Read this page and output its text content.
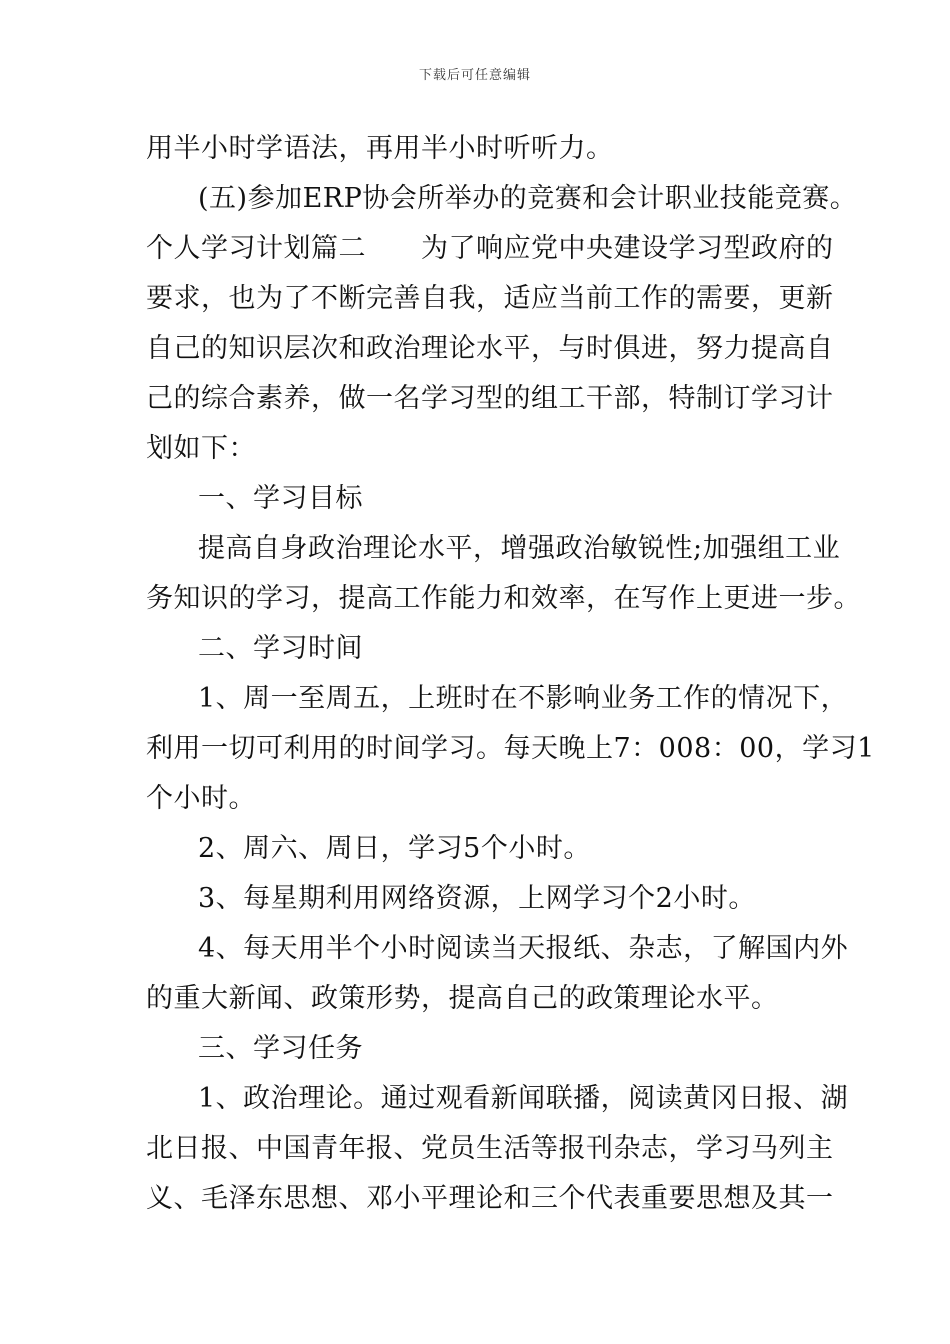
下载后可任意编辑
用半小时学语法，再用半小时听听力。
(五)参加ERP协会所举办的竞赛和会计职业技能竞赛。
个人学习计划篇二　　为了响应党中央建设学习型政府的
要求，也为了不断完善自我，适应当前工作的需要，更新
自己的知识层次和政治理论水平，与时俱进，努力提高自
己的综合素养，做一名学习型的组工干部，特制订学习计
划如下：
一、学习目标
提高自身政治理论水平，增强政治敏锐性;加强组工业
务知识的学习，提高工作能力和效率，在写作上更进一步。
二、学习时间
1、周一至周五，上班时在不影响业务工作的情况下，
利用一切可利用的时间学习。每天晚上7：008：00，学习1
个小时。
2、周六、周日，学习5个小时。
3、每星期利用网络资源，上网学习个2小时。
4、每天用半个小时阅读当天报纸、杂志，了解国内外
的重大新闻、政策形势，提高自己的政策理论水平。
三、学习任务
1、政治理论。通过观看新闻联播，阅读黄冈日报、湖
北日报、中国青年报、党员生活等报刊杂志，学习马列主
义、毛泽东思想、邓小平理论和三个代表重要思想及其一
